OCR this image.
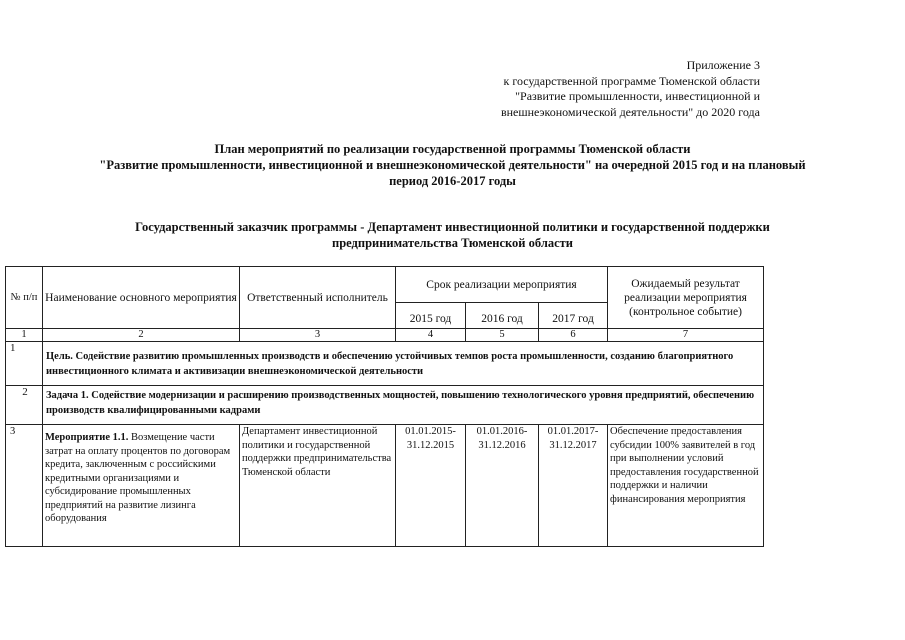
Приложение 3
к государственной программе Тюменской области
"Развитие промышленности, инвестиционной и
внешнеэкономической деятельности" до 2020 года
План мероприятий по реализации государственной программы Тюменской области
"Развитие промышленности, инвестиционной и внешнеэкономической деятельности" на очередной 2015 год и на плановый
период 2016-2017 годы
Государственный заказчик программы - Департамент инвестиционной политики и государственной поддержки
предпринимательства Тюменской области
№ п/п	Наименование основного мероприятия	Ответственный исполнитель	Срок реализации мероприятия			Ожидаемый результат реализации мероприятия (контрольное событие)
			2015 год	2016 год	2017 год	
1	2	3	4	5	6	7
1	Цель. Содействие развитию промышленных производств и обеспечению устойчивых темпов роста промышленности, созданию благоприятного инвестиционного климата и активизации внешнеэкономической деятельности					
2	Задача 1. Содействие модернизации и расширению производственных мощностей, повышению технологического уровня предприятий, обеспечению производств квалифицированными кадрами					
3	Мероприятие 1.1. Возмещение части затрат на оплату процентов по договорам кредита, заключенным с российскими кредитными организациями и субсидирование промышленных предприятий на развитие лизинга оборудования	Департамент инвестиционной политики и государственной поддержки предпринимательства Тюменской области	01.01.2015-31.12.2015	01.01.2016-31.12.2016	01.01.2017-31.12.2017	Обеспечение предоставления субсидии 100% заявителей в год при выполнении условий предоставления государственной поддержки и наличии финансирования мероприятия
